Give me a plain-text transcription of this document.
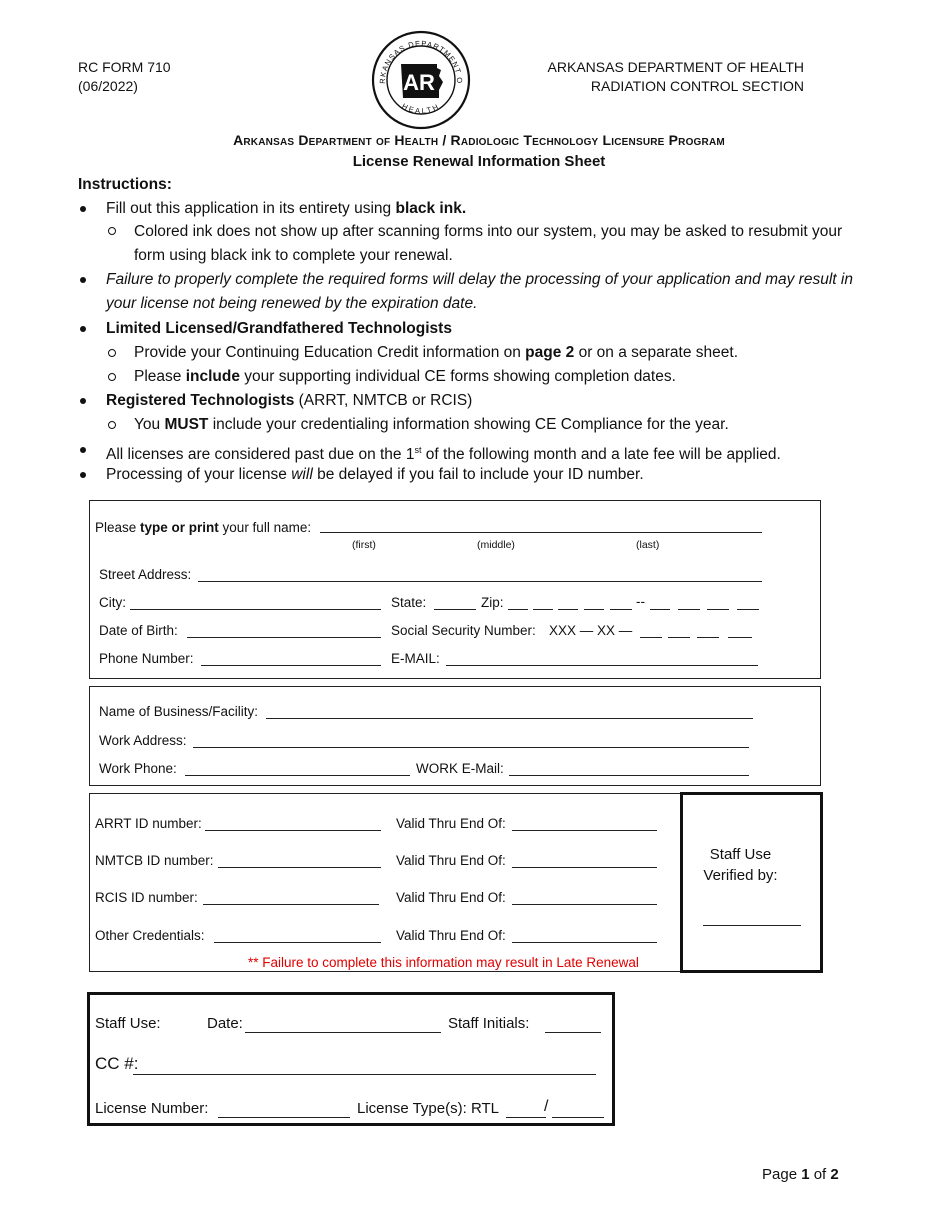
RC FORM 710
(06/2022)	RKANSAS DEPARTMENT O
HEALTH
AR
ARKANSAS DEPARTMENT OF HEALTH
RADIATION CONTROL SECTION
Arkansas Department of Health / Radiologic Technology Licensure Program
License Renewal Information Sheet
Instructions:
Fill out this application in its entirety using black ink.
Colored ink does not show up after scanning forms into our system, you may be asked to resubmit your
form using black ink to complete your renewal.
Failure to properly complete the required forms will delay the processing of your application and may result in
your license not being renewed by the expiration date.
Limited Licensed/Grandfathered Technologists
Provide your Continuing Education Credit information on page 2 or on a separate sheet.
Please include your supporting individual CE forms showing completion dates.
Registered Technologists (ARRT, NMTCB or RCIS)
You MUST include your credentialing information showing CE Compliance for the year.
All licenses are considered past due on the 1st of the following month and a late fee will be applied.
Processing of your license will be delayed if you fail to include your ID number.
Please type or print your full name:
(first)	(middle)	(last)
Street Address:
City:	State:	Zip:	--
Date of Birth:	Social Security Number: XXX — XX —
Phone Number:	E-MAIL:
Name of Business/Facility:
Work Address:
Work Phone:	WORK E-Mail:
ARRT ID number:	Valid Thru End Of:
NMTCB ID number:	Valid Thru End Of:
RCIS ID number:	Valid Thru End Of:
Other Credentials:	Valid Thru End Of:
** Failure to complete this information may result in Late Renewal
Staff Use
Verified by:
Staff Use:	Date:	Staff Initials:
CC #:
License Number:	License Type(s): RTL	/
Page 1 of 2
